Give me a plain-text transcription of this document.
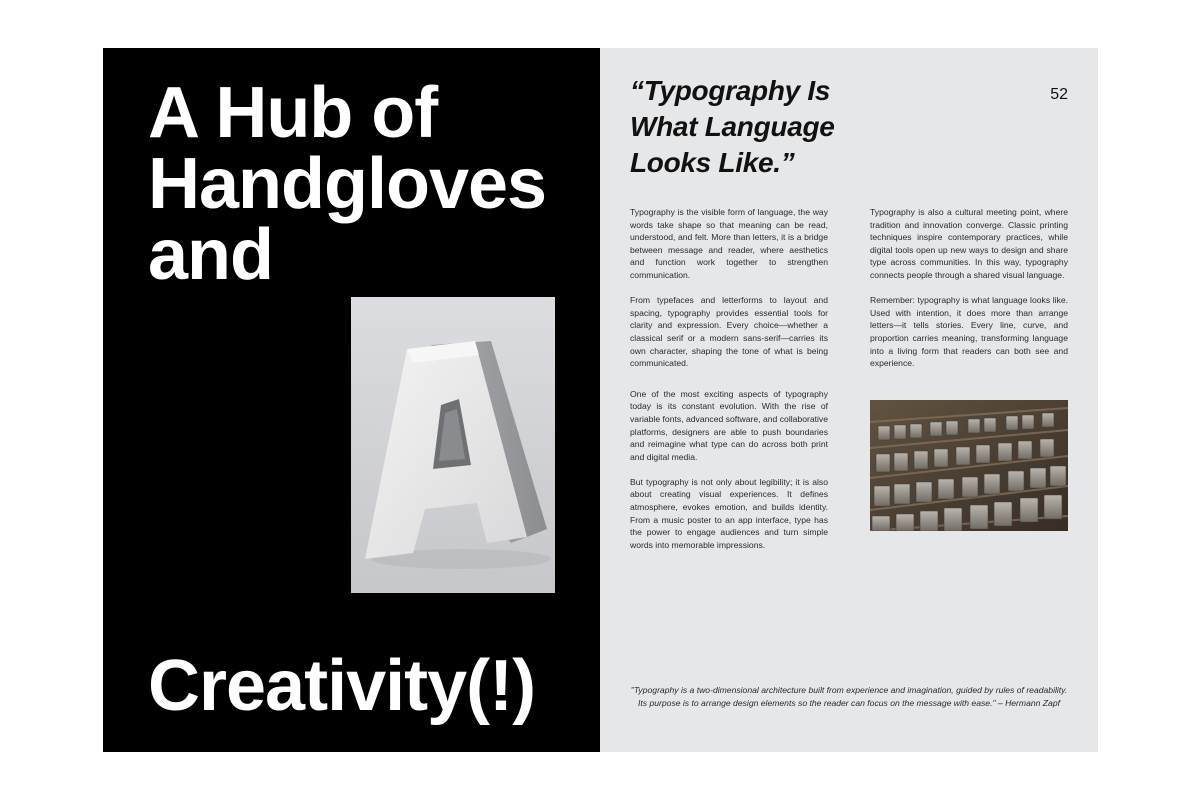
A Hub of
Handgloves
and
Creativity(!)
“Typography Is What Language Looks Like.”
52

Typography is the visible form of language, the way words take shape so that meaning can be read, understood, and felt. More than letters, it is a bridge between message and reader, where aesthetics and function work together to strengthen communication.

From typefaces and letterforms to layout and spacing, typography provides essential tools for clarity and expression. Every choice—whether a classical serif or a modern sans-serif—carries its own character, shaping the tone of what is being communicated.

One of the most exciting aspects of typography today is its constant evolution. With the rise of variable fonts, advanced software, and collaborative platforms, designers are able to push boundaries and reimagine what type can do across both print and digital media.

But typography is not only about legibility; it is also about creating visual experiences. It defines atmosphere, evokes emotion, and builds identity. From a music poster to an app interface, type has the power to engage audiences and turn simple words into memorable impressions.

Typography is also a cultural meeting point, where tradition and innovation converge. Classic printing techniques inspire contemporary practices, while digital tools open up new ways to design and share type across communities. In this way, typography connects people through a shared visual language.

Remember: typography is what language looks like. Used with intention, it does more than arrange letters—it tells stories. Every line, curve, and proportion carries meaning, transforming language into a living form that readers can both see and experience.

"Typography is a two-dimensional architecture built from experience and imagination, guided by rules of readability. Its purpose is to arrange design elements so the reader can focus on the message with ease." – Hermann Zapf
